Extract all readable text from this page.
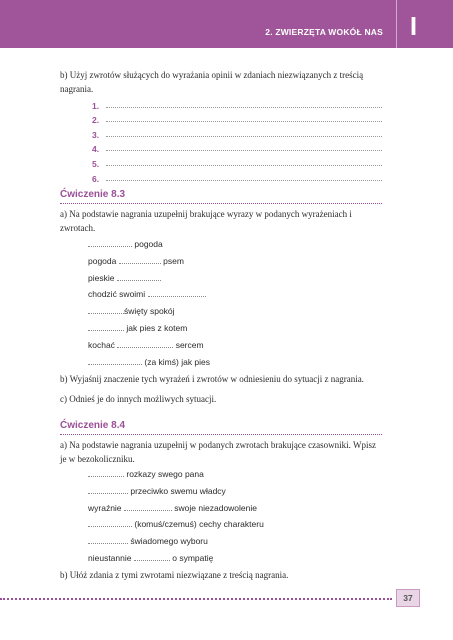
2. ZWIERZĘTA WOKÓŁ NAS	I

b) Użyj zwrotów służących do wyrażania opinii w zdaniach niezwiązanych z treścią nagrania.

1.
2.
3.
4.
5.
6.
Ćwiczenie 8.3

a) Na podstawie nagrania uzupełnij brakujące wyrazy w podanych wyrażeniach i zwrotach.

pogoda
pogoda	psem
pieskie
chodzić swoimi
święty spokój
jak pies z kotem
kochać	sercem
(za kimś) jak pies

b) Wyjaśnij znaczenie tych wyrażeń i zwrotów w odniesieniu do sytuacji z nagrania.

c) Odnieś je do innych możliwych sytuacji.

Ćwiczenie 8.4

a) Na podstawie nagrania uzupełnij w podanych zwrotach brakujące czasowniki. Wpisz je w bezokoliczniku.

rozkazy swego pana
przeciwko swemu władcy
wyraźnie	swoje niezadowolenie
(komuś/czemuś) cechy charakteru
świadomego wyboru
nieustannie	o sympatię

b) Ułóż zdania z tymi zwrotami niezwiązane z treścią nagrania.

37
